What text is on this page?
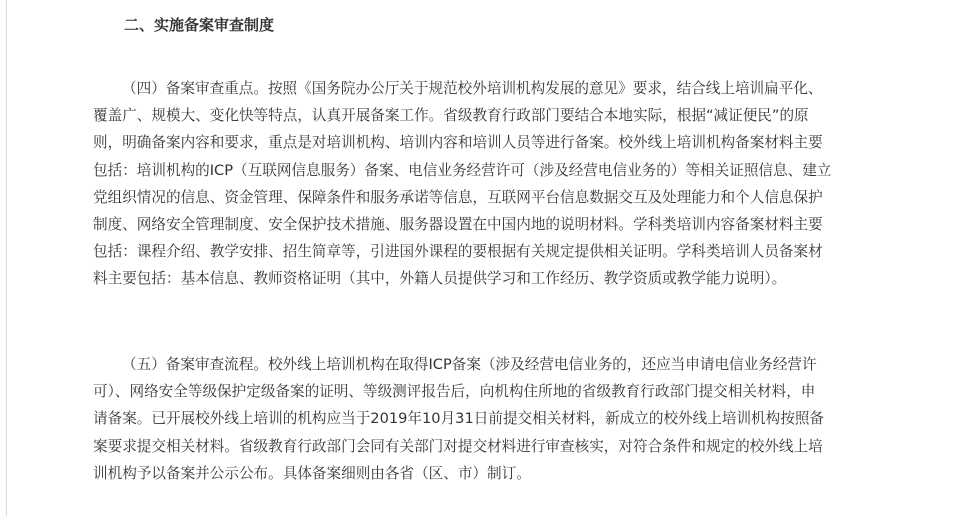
二、实施备案审查制度

（四）备案审查重点。按照《国务院办公厅关于规范校外培训机构发展的意见》要求，结合线上培训扁平化、
覆盖广、规模大、变化快等特点，认真开展备案工作。省级教育行政部门要结合本地实际，根据“减证便民”的原
则，明确备案内容和要求，重点是对培训机构、培训内容和培训人员等进行备案。校外线上培训机构备案材料主要
包括：培训机构的ICP（互联网信息服务）备案、电信业务经营许可（涉及经营电信业务的）等相关证照信息、建立
党组织情况的信息、资金管理、保障条件和服务承诺等信息，互联网平台信息数据交互及处理能力和个人信息保护
制度、网络安全管理制度、安全保护技术措施、服务器设置在中国内地的说明材料。学科类培训内容备案材料主要
包括：课程介绍、教学安排、招生简章等，引进国外课程的要根据有关规定提供相关证明。学科类培训人员备案材
料主要包括：基本信息、教师资格证明（其中，外籍人员提供学习和工作经历、教学资质或教学能力说明）。

（五）备案审查流程。校外线上培训机构在取得ICP备案（涉及经营电信业务的，还应当申请电信业务经营许
可）、网络安全等级保护定级备案的证明、等级测评报告后，向机构住所地的省级教育行政部门提交相关材料，申
请备案。已开展校外线上培训的机构应当于2019年10月31日前提交相关材料，新成立的校外线上培训机构按照备
案要求提交相关材料。省级教育行政部门会同有关部门对提交材料进行审查核实，对符合条件和规定的校外线上培
训机构予以备案并公示公布。具体备案细则由各省（区、市）制订。
